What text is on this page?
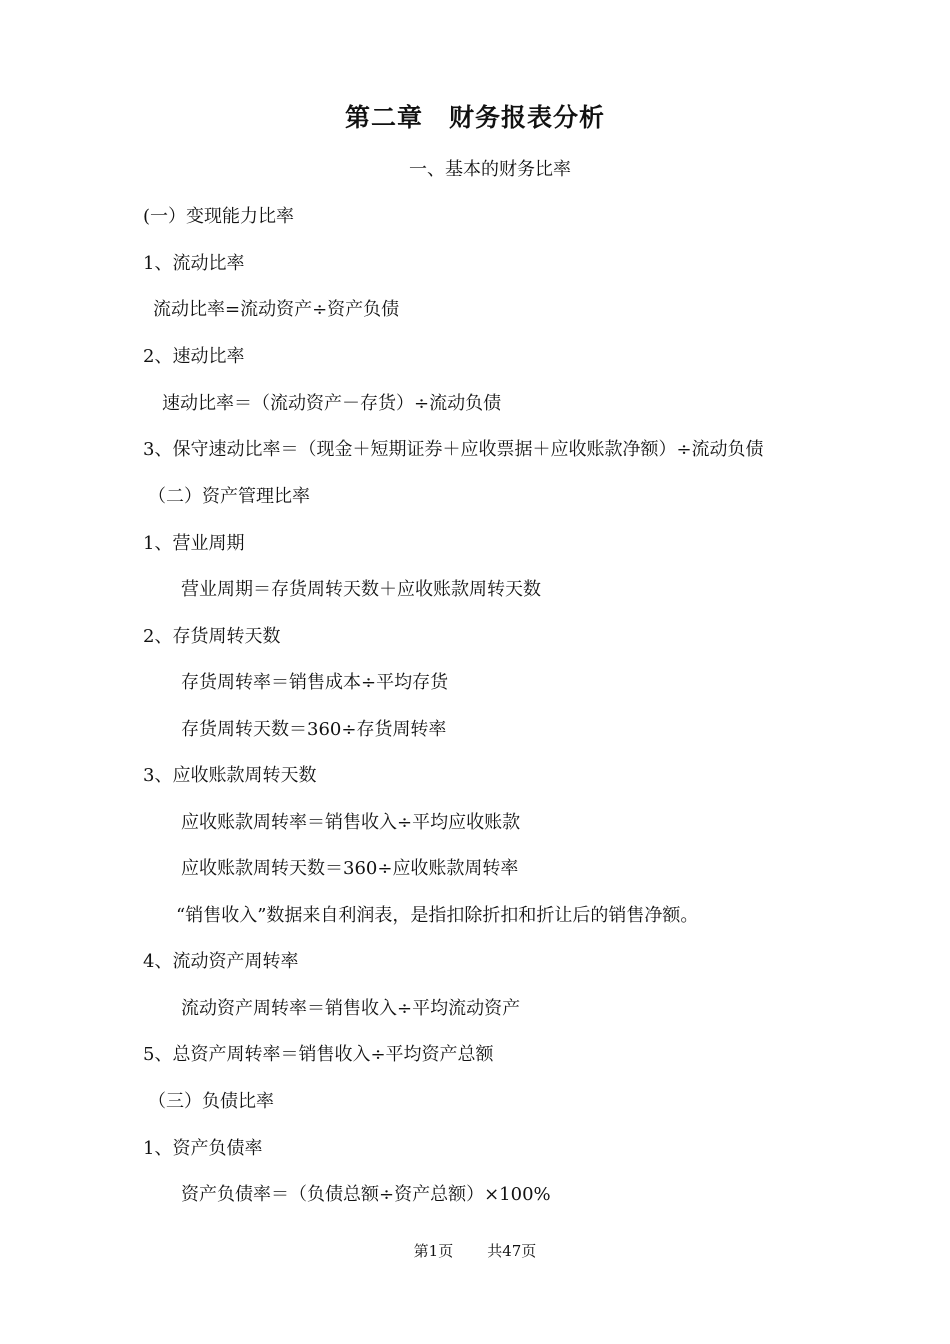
第二章　财务报表分析
一、基本的财务比率
(一）变现能力比率
1、流动比率
流动比率=流动资产÷资产负债
2、速动比率
速动比率＝（流动资产－存货）÷流动负债
3、保守速动比率＝（现金＋短期证券＋应收票据＋应收账款净额）÷流动负债
（二）资产管理比率
1、营业周期
营业周期＝存货周转天数＋应收账款周转天数
2、存货周转天数
存货周转率＝销售成本÷平均存货
存货周转天数＝360÷存货周转率
3、应收账款周转天数
应收账款周转率＝销售收入÷平均应收账款
应收账款周转天数＝360÷应收账款周转率
“销售收入”数据来自利润表，是指扣除折扣和折让后的销售净额。
4、流动资产周转率
流动资产周转率＝销售收入÷平均流动资产
5、总资产周转率＝销售收入÷平均资产总额
（三）负债比率
1、资产负债率
资产负债率＝（负债总额÷资产总额）×100%
第1页 共47页
